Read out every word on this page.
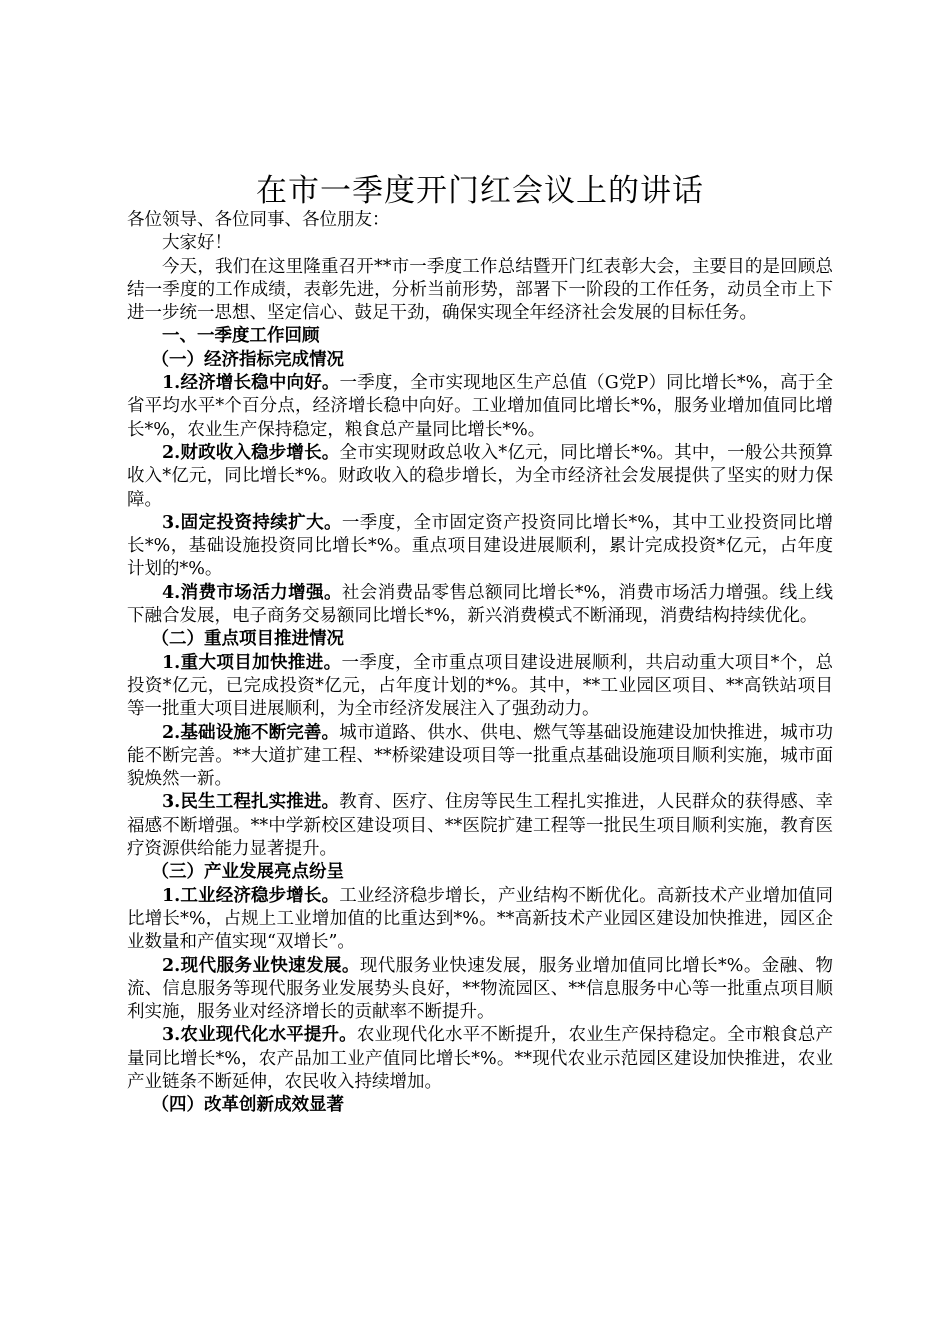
在市一季度开门红会议上的讲话

各位领导、各位同事、各位朋友：

大家好！

今天，我们在这里隆重召开**市一季度工作总结暨开门红表彰大会，主要目的是回顾总结一季度的工作成绩，表彰先进，分析当前形势，部署下一阶段的工作任务，动员全市上下进一步统一思想、坚定信心、鼓足干劲，确保实现全年经济社会发展的目标任务。

一、一季度工作回顾

（一）经济指标完成情况

1.经济增长稳中向好。一季度，全市实现地区生产总值（G党P）同比增长*%，高于全省平均水平*个百分点，经济增长稳中向好。工业增加值同比增长*%，服务业增加值同比增长*%，农业生产保持稳定，粮食总产量同比增长*%。

2.财政收入稳步增长。全市实现财政总收入*亿元，同比增长*%。其中，一般公共预算收入*亿元，同比增长*%。财政收入的稳步增长，为全市经济社会发展提供了坚实的财力保障。

3.固定投资持续扩大。一季度，全市固定资产投资同比增长*%，其中工业投资同比增长*%，基础设施投资同比增长*%。重点项目建设进展顺利，累计完成投资*亿元，占年度计划的*%。

4.消费市场活力增强。社会消费品零售总额同比增长*%，消费市场活力增强。线上线下融合发展，电子商务交易额同比增长*%，新兴消费模式不断涌现，消费结构持续优化。

（二）重点项目推进情况

1.重大项目加快推进。一季度，全市重点项目建设进展顺利，共启动重大项目*个，总投资*亿元，已完成投资*亿元，占年度计划的*%。其中，**工业园区项目、**高铁站项目等一批重大项目进展顺利，为全市经济发展注入了强劲动力。

2.基础设施不断完善。城市道路、供水、供电、燃气等基础设施建设加快推进，城市功能不断完善。**大道扩建工程、**桥梁建设项目等一批重点基础设施项目顺利实施，城市面貌焕然一新。

3.民生工程扎实推进。教育、医疗、住房等民生工程扎实推进，人民群众的获得感、幸福感不断增强。**中学新校区建设项目、**医院扩建工程等一批民生项目顺利实施，教育医疗资源供给能力显著提升。

（三）产业发展亮点纷呈

1.工业经济稳步增长。工业经济稳步增长，产业结构不断优化。高新技术产业增加值同比增长*%，占规上工业增加值的比重达到*%。**高新技术产业园区建设加快推进，园区企业数量和产值实现“双增长”。

2.现代服务业快速发展。现代服务业快速发展，服务业增加值同比增长*%。金融、物流、信息服务等现代服务业发展势头良好，**物流园区、**信息服务中心等一批重点项目顺利实施，服务业对经济增长的贡献率不断提升。

3.农业现代化水平提升。农业现代化水平不断提升，农业生产保持稳定。全市粮食总产量同比增长*%，农产品加工业产值同比增长*%。**现代农业示范园区建设加快推进，农业产业链条不断延伸，农民收入持续增加。

（四）改革创新成效显著
